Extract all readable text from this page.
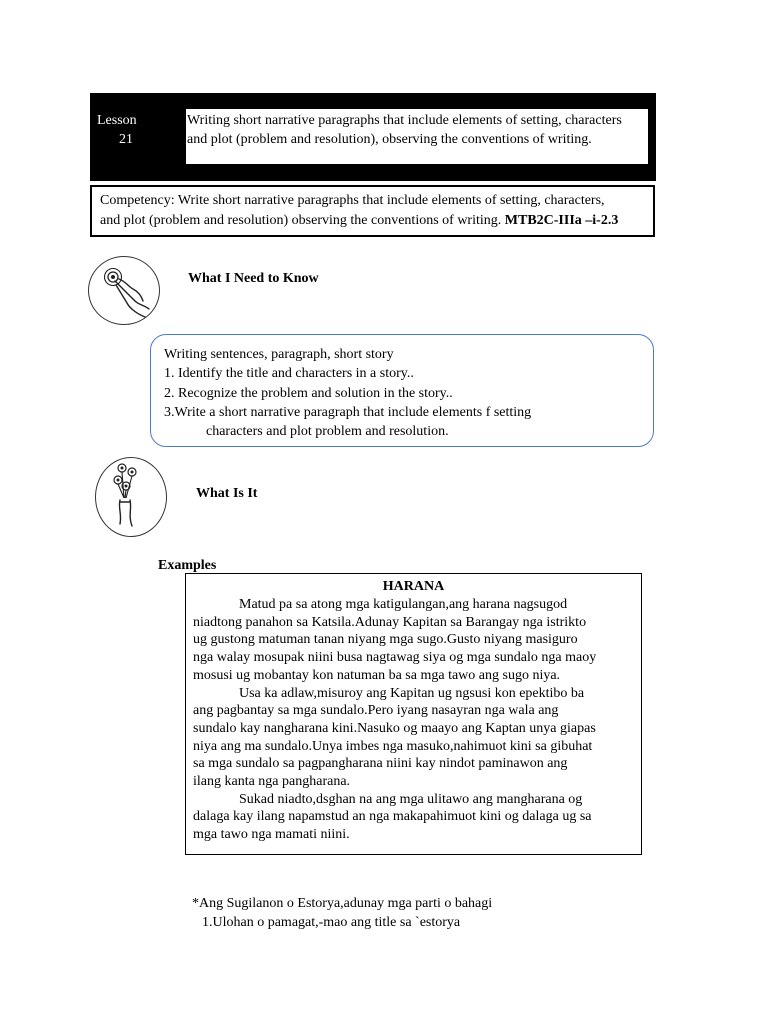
Lesson
21
Writing short narrative paragraphs that include elements of setting, characters
and plot (problem and resolution), observing the conventions of writing.
Competency: Write short narrative paragraphs that include elements of setting, characters,
and plot (problem and resolution) observing the conventions of writing. MTB2C-IIIa –i-2.3
What I Need to Know
Writing sentences, paragraph, short story
1. Identify the title and characters in a story..
2. Recognize the problem and solution in the story..
3.Write a short narrative paragraph that include elements f setting
characters and plot problem and resolution.
What Is It
Examples
HARANA
Matud pa sa atong mga katigulangan,ang harana nagsugod
niadtong panahon sa Katsila.Adunay Kapitan sa Barangay nga istrikto
ug gustong matuman tanan niyang mga sugo.Gusto niyang masiguro
nga walay mosupak niini busa nagtawag siya og mga sundalo nga maoy
mosusi ug mobantay kon natuman ba sa mga tawo ang sugo niya.
Usa ka adlaw,misuroy ang Kapitan ug ngsusi kon epektibo ba
ang pagbantay sa mga sundalo.Pero iyang nasayran nga wala ang
sundalo kay nangharana kini.Nasuko og maayo ang Kaptan unya giapas
niya ang ma sundalo.Unya imbes nga masuko,nahimuot kini sa gibuhat
sa mga sundalo sa pagpangharana niini kay nindot paminawon ang
ilang kanta nga pangharana.
Sukad niadto,dsghan na ang mga ulitawo ang mangharana og
dalaga kay ilang napamstud an nga makapahimuot kini og dalaga ug sa
mga tawo nga mamati niini.
*Ang Sugilanon o Estorya,adunay mga parti o bahagi
1.Ulohan o pamagat,-mao ang title sa `estorya
